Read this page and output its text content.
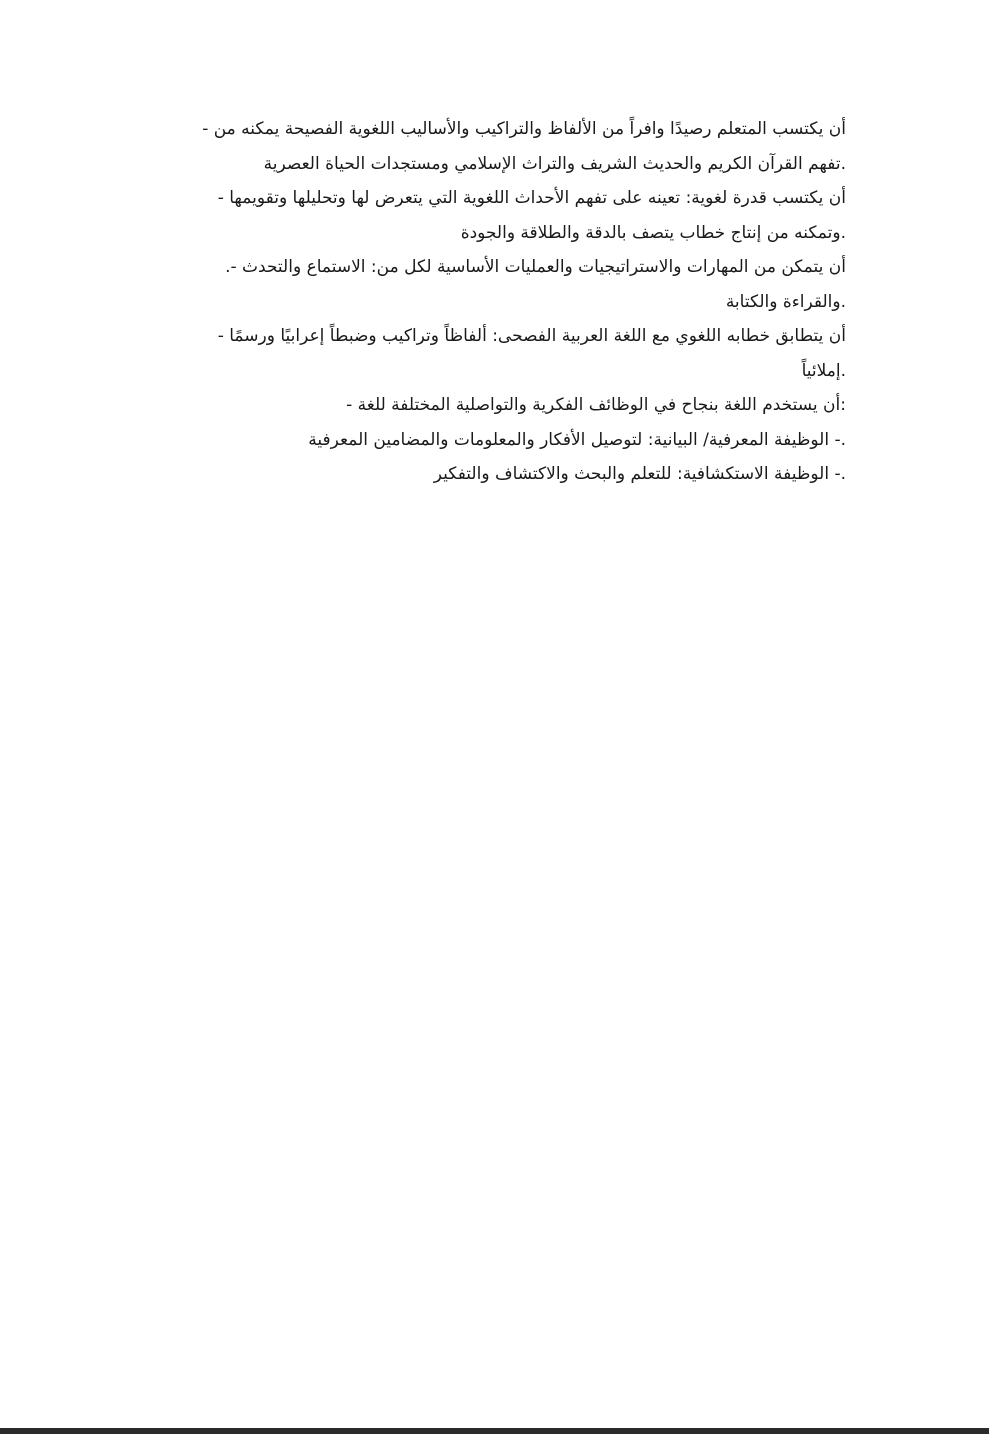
أن يكتسب المتعلم رصيدًا وافراً من الألفاظ والتراكيب والأساليب اللغوية الفصيحة يمكنه من -
.تفهم القرآن الكريم والحديث الشريف والتراث الإسلامي ومستجدات الحياة العصرية
أن يكتسب قدرة لغوية: تعينه على تفهم الأحداث اللغوية التي يتعرض لها وتحليلها وتقويمها -
.وتمكنه من إنتاج خطاب يتصف بالدقة والطلاقة والجودة
أن يتمكن من المهارات والاستراتيجيات والعمليات الأساسية لكل من: الاستماع والتحدث -.
.والقراءة والكتابة
أن يتطابق خطابه اللغوي مع اللغة العربية الفصحى: ألفاظاً وتراكيب وضبطاً إعرابيًا ورسمًا -
.إملائياً
:أن يستخدم اللغة بنجاح في الوظائف الفكرية والتواصلية المختلفة للغة -
.- الوظيفة المعرفية/ البيانية: لتوصيل الأفكار والمعلومات والمضامين المعرفية
.- الوظيفة الاستكشافية: للتعلم والبحث والاكتشاف والتفكير
